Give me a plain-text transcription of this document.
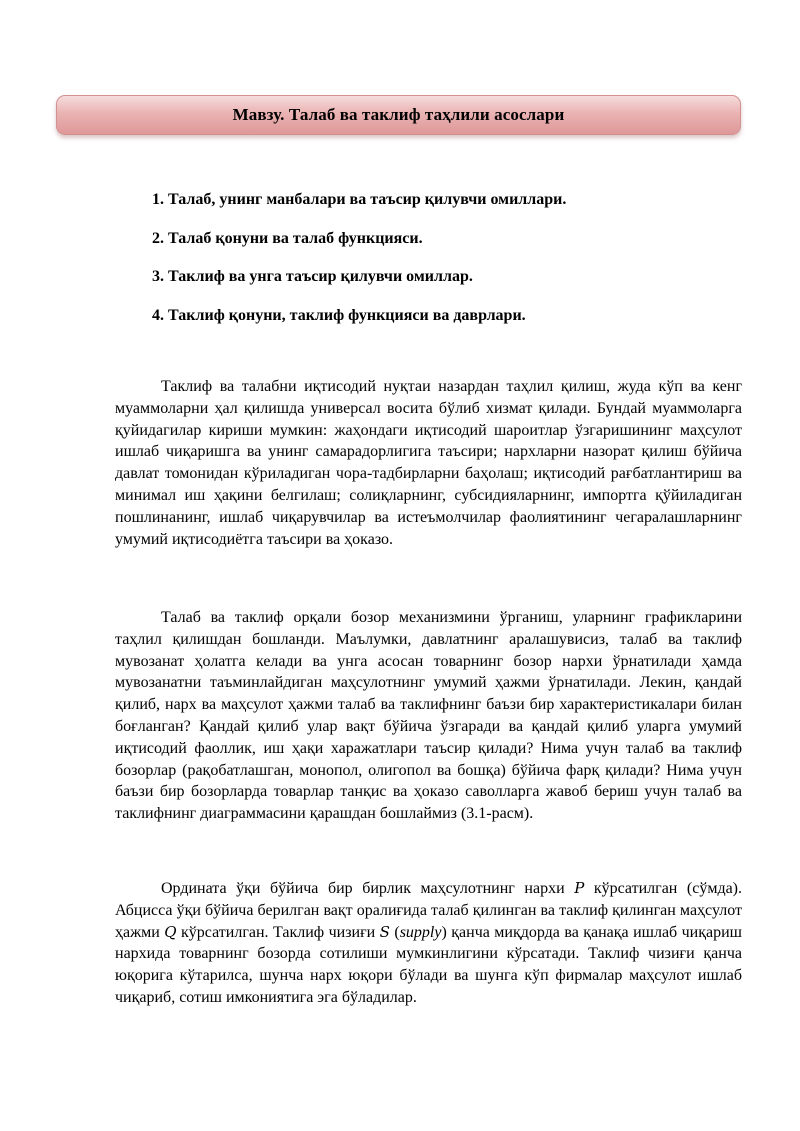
Мавзу. Талаб ва таклиф таҳлили асослари
1. Талаб, унинг манбалари ва таъсир қилувчи омиллари.
2. Талаб қонуни ва талаб функцияси.
3. Таклиф ва унга таъсир қилувчи омиллар.
4. Таклиф қонуни, таклиф функцияси ва даврлари.

Таклиф ва талабни иқтисодий нуқтаи назардан таҳлил қилиш, жуда кўп ва кенг муаммоларни ҳал қилишда универсал восита бўлиб хизмат қилади. Бундай муаммоларга қуйидагилар кириши мумкин: жаҳондаги иқтисодий шароитлар ўзгаришининг маҳсулот ишлаб чиқаришга ва унинг самарадорлигига таъсири; нархларни назорат қилиш бўйича давлат томонидан кўриладиган чора-тадбирларни баҳолаш; иқтисодий рағбатлантириш ва минимал иш ҳақини белгилаш; солиқларнинг, субсидияларнинг, импортга қўйиладиган пошлинанинг, ишлаб чиқарувчилар ва истеъмолчилар фаолиятининг чегаралашларнинг умумий иқтисодиётга таъсири ва ҳоказо.

Талаб ва таклиф орқали бозор механизмини ўрганиш, уларнинг графикларини таҳлил қилишдан бошланди. Маълумки, давлатнинг аралашувисиз, талаб ва таклиф мувозанат ҳолатга келади ва унга асосан товарнинг бозор нархи ўрнатилади ҳамда мувозанатни таъминлайдиган маҳсулотнинг умумий ҳажми ўрнатилади. Лекин, қандай қилиб, нарх ва маҳсулот ҳажми талаб ва таклифнинг баъзи бир характеристикалари билан боғланган? Қандай қилиб улар вақт бўйича ўзгаради ва қандай қилиб уларга умумий иқтисодий фаоллик, иш ҳақи харажатлари таъсир қилади? Нима учун талаб ва таклиф бозорлар (рақобатлашган, монопол, олигопол ва бошқа) бўйича фарқ қилади? Нима учун баъзи бир бозорларда товарлар танқис ва ҳоказо саволларга жавоб бериш учун талаб ва таклифнинг диаграммасини қарашдан бошлаймиз (3.1-расм).

Ордината ўқи бўйича бир бирлик маҳсулотнинг нархи P кўрсатилган (сўмда). Абцисса ўқи бўйича берилган вақт оралиғида талаб қилинган ва таклиф қилинган маҳсулот ҳажми Q кўрсатилган. Таклиф чизиғи S (supply) қанча миқдорда ва қанақа ишлаб чиқариш нархида товарнинг бозорда сотилиши мумкинлигини кўрсатади. Таклиф чизиғи қанча юқорига кўтарилса, шунча нарх юқори бўлади ва шунга кўп фирмалар маҳсулот ишлаб чиқариб, сотиш имкониятига эга бўладилар.
